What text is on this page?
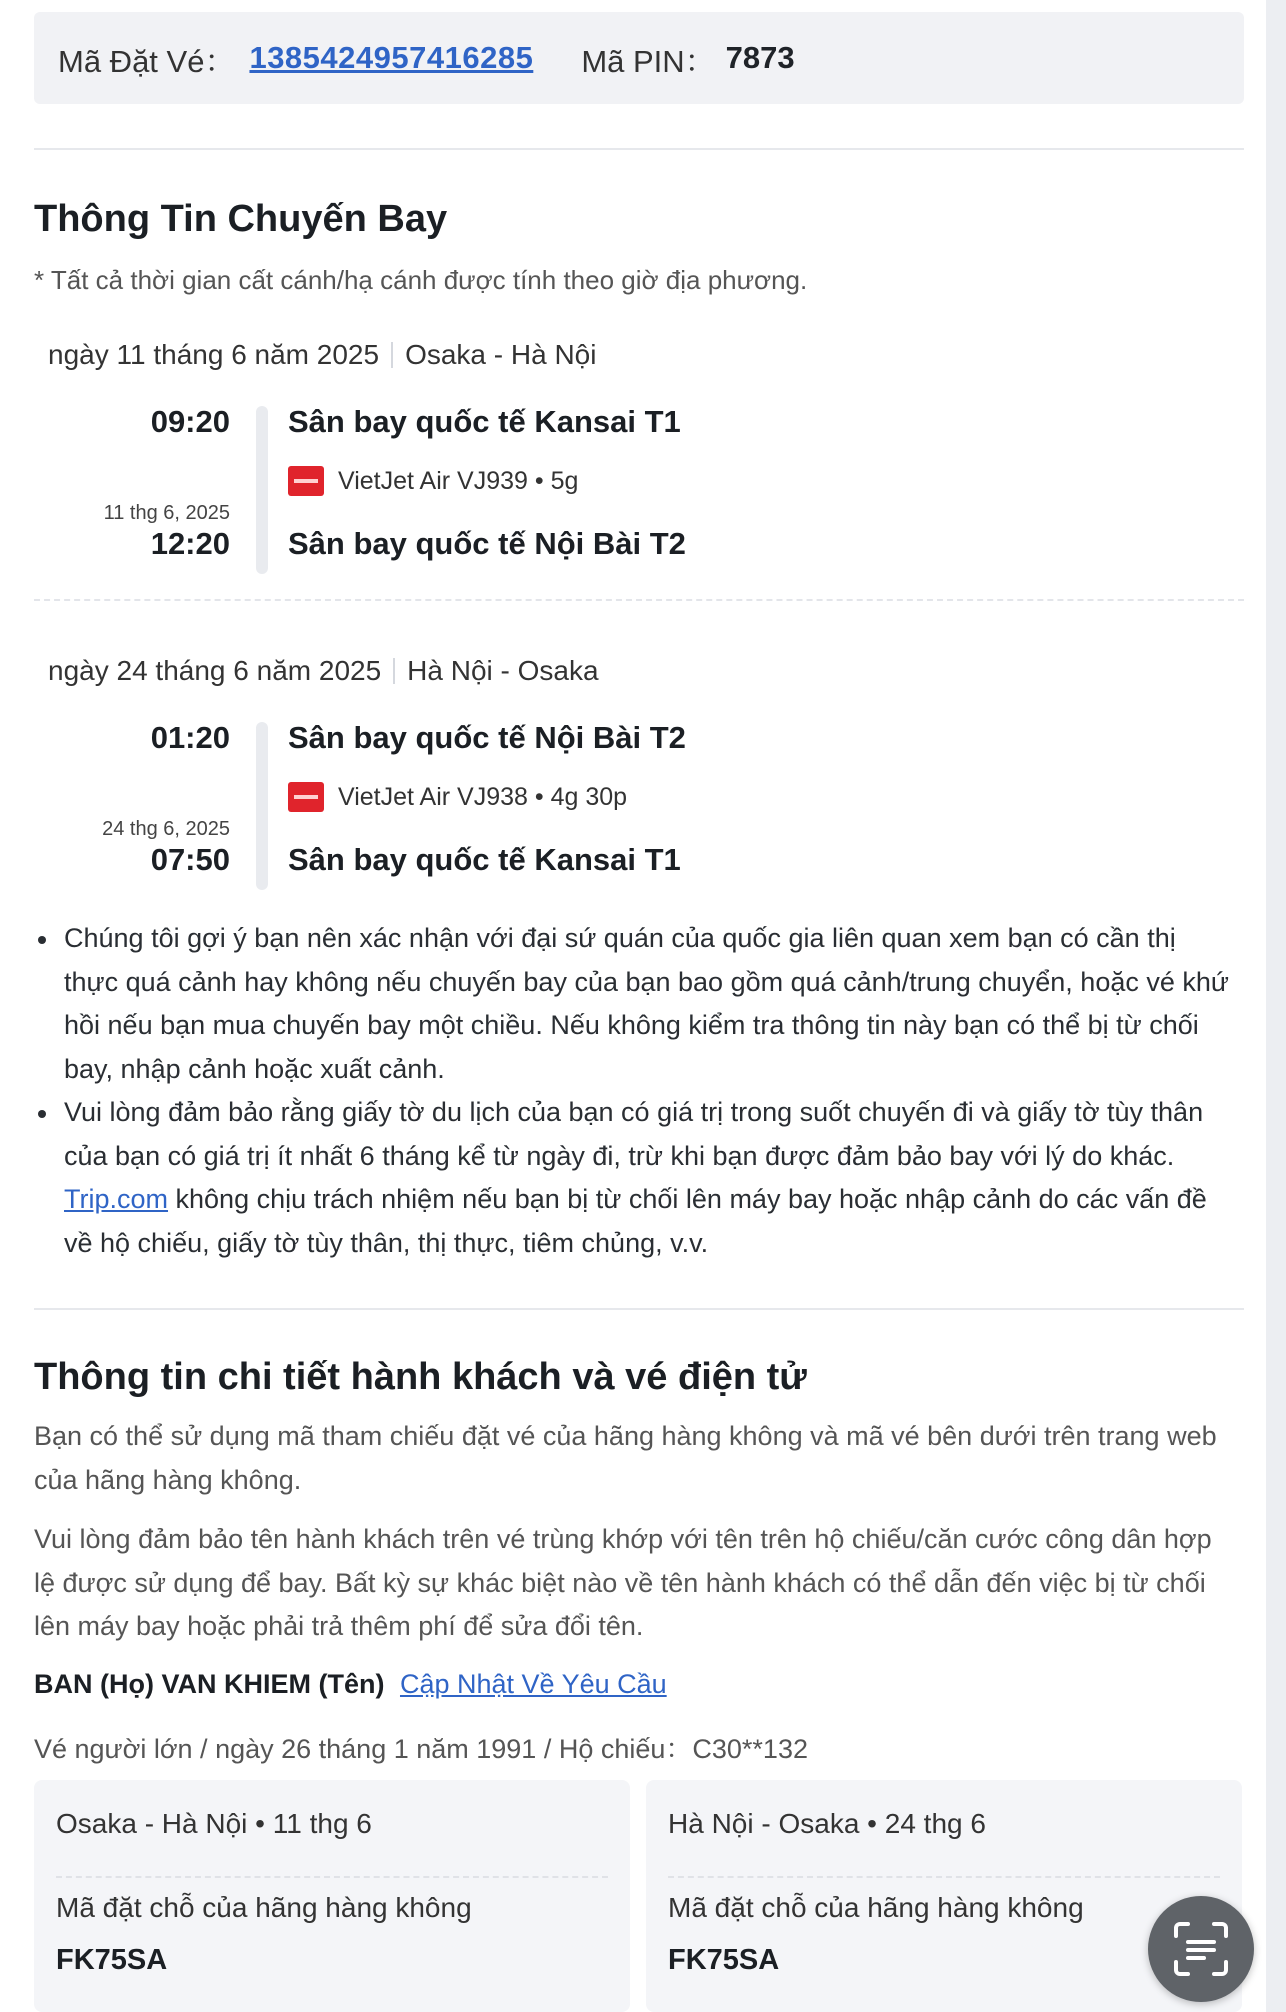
Mã Đặt Vé： 1385424957416285 Mã PIN： 7873
Thông Tin Chuyến Bay
* Tất cả thời gian cất cánh/hạ cánh được tính theo giờ địa phương.
ngày 11 tháng 6 năm 2025 Osaka - Hà Nội
09:20
11 thg 6, 2025
12:20
Sân bay quốc tế Kansai T1
VietJet Air VJ939 • 5g
Sân bay quốc tế Nội Bài T2
ngày 24 tháng 6 năm 2025 Hà Nội - Osaka
01:20
24 thg 6, 2025
07:50
Sân bay quốc tế Nội Bài T2
VietJet Air VJ938 • 4g 30p
Sân bay quốc tế Kansai T1
Chúng tôi gợi ý bạn nên xác nhận với đại sứ quán của quốc gia liên quan xem bạn có cần thị thực quá cảnh hay không nếu chuyến bay của bạn bao gồm quá cảnh/trung chuyển, hoặc vé khứ hồi nếu bạn mua chuyến bay một chiều. Nếu không kiểm tra thông tin này bạn có thể bị từ chối bay, nhập cảnh hoặc xuất cảnh.
Vui lòng đảm bảo rằng giấy tờ du lịch của bạn có giá trị trong suốt chuyến đi và giấy tờ tùy thân của bạn có giá trị ít nhất 6 tháng kể từ ngày đi, trừ khi bạn được đảm bảo bay với lý do khác. Trip.com không chịu trách nhiệm nếu bạn bị từ chối lên máy bay hoặc nhập cảnh do các vấn đề về hộ chiếu, giấy tờ tùy thân, thị thực, tiêm chủng, v.v.
Thông tin chi tiết hành khách và vé điện tử
Bạn có thể sử dụng mã tham chiếu đặt vé của hãng hàng không và mã vé bên dưới trên trang web của hãng hàng không.
Vui lòng đảm bảo tên hành khách trên vé trùng khớp với tên trên hộ chiếu/căn cước công dân hợp lệ được sử dụng để bay. Bất kỳ sự khác biệt nào về tên hành khách có thể dẫn đến việc bị từ chối lên máy bay hoặc phải trả thêm phí để sửa đổi tên.
BAN (Họ) VAN KHIEM (Tên) Cập Nhật Về Yêu Cầu
Vé người lớn / ngày 26 tháng 1 năm 1991 / Hộ chiếu：C30**132
Osaka - Hà Nội • 11 thg 6
Mã đặt chỗ của hãng hàng không
FK75SA
Hà Nội - Osaka • 24 thg 6
Mã đặt chỗ của hãng hàng không
FK75SA
